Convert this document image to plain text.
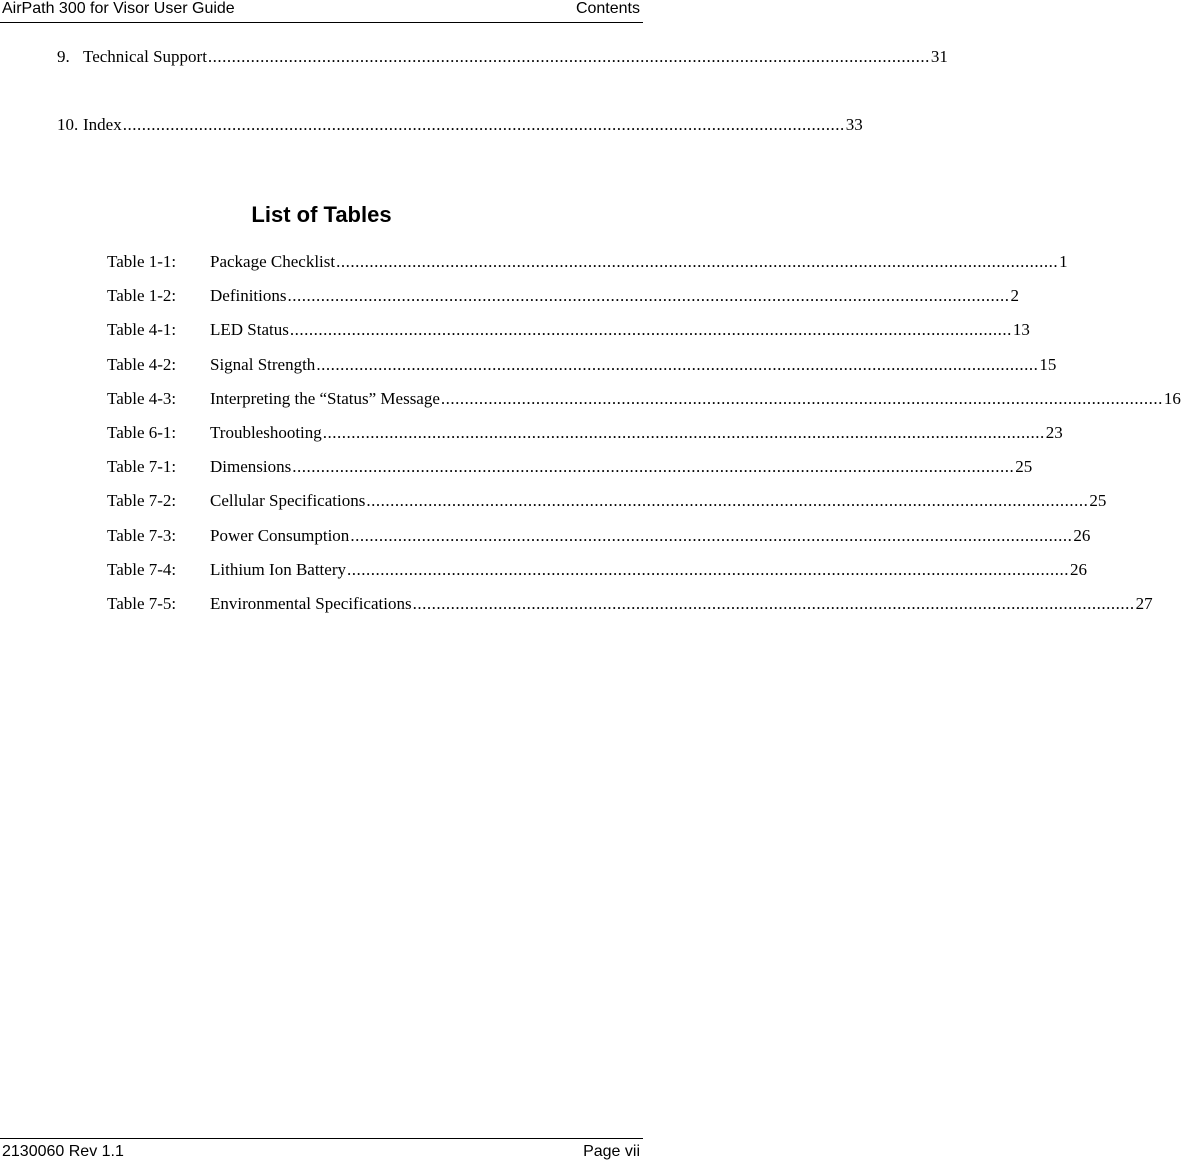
AirPath 300 for Visor User Guide	Contents
9. Technical Support ........................................................................................................................................................ 31
10. Index ........................................................................................................................................................ 33
List of Tables
Table 1-1:	Package Checklist ........................................................................................................................................................ 1
Table 1-2:	Definitions ........................................................................................................................................................ 2
Table 4-1:	LED Status ........................................................................................................................................................ 13
Table 4-2:	Signal Strength ........................................................................................................................................................ 15
Table 4-3:	Interpreting the “Status” Message ........................................................................................................................................................ 16
Table 6-1:	Troubleshooting ........................................................................................................................................................ 23
Table 7-1:	Dimensions ........................................................................................................................................................ 25
Table 7-2:	Cellular Specifications ........................................................................................................................................................ 25
Table 7-3:	Power Consumption ........................................................................................................................................................ 26
Table 7-4:	Lithium Ion Battery ........................................................................................................................................................ 26
Table 7-5:	Environmental Specifications ........................................................................................................................................................ 27
2130060 Rev 1.1	Page vii
